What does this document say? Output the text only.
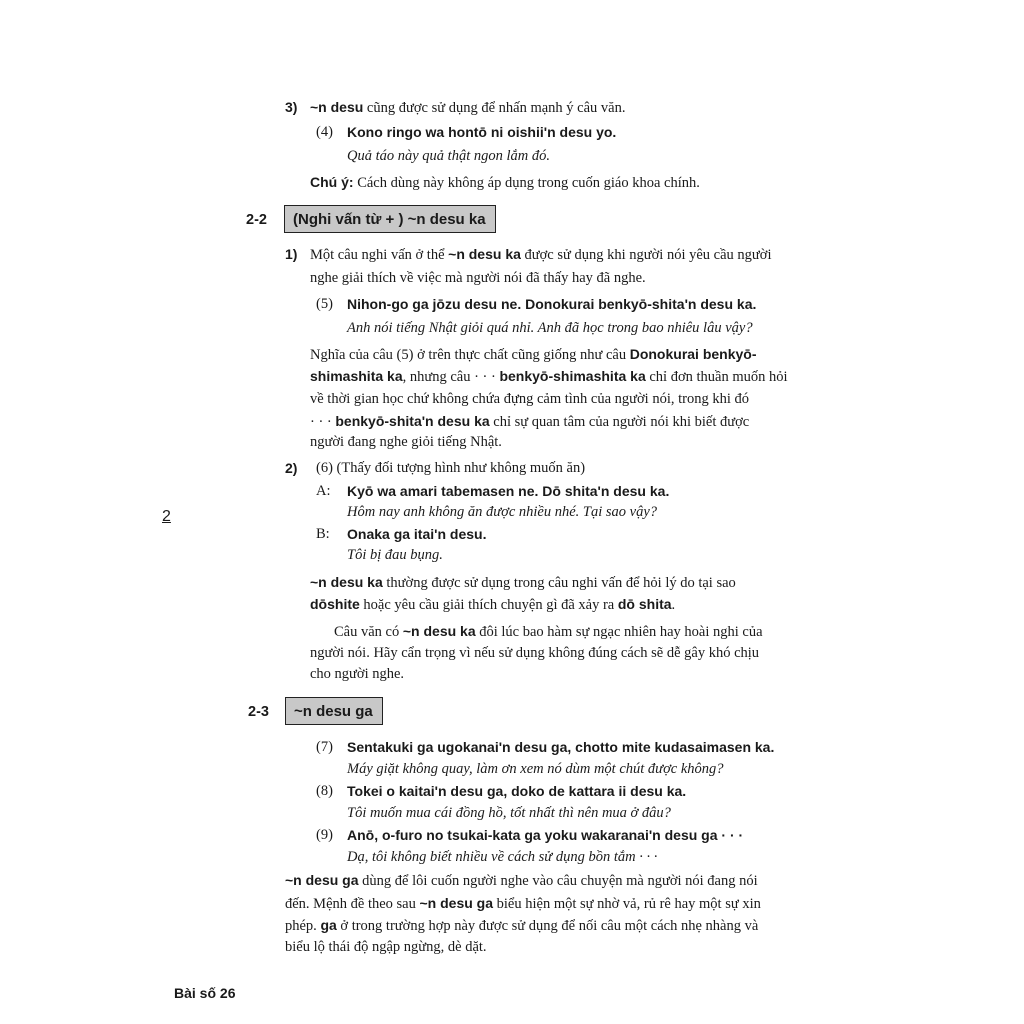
3) ~n desu cũng được sử dụng để nhấn mạnh ý câu văn.
(4) Kono ringo wa hontō ni oishii'n desu yo.
Quả táo này quả thật ngon lắm đó.
Chú ý: Cách dùng này không áp dụng trong cuốn giáo khoa chính.
2-2	(Nghi vấn từ + ) ~n desu ka
1) Một câu nghi vấn ở thể ~n desu ka được sử dụng khi người nói yêu cầu người
nghe giải thích về việc mà người nói đã thấy hay đã nghe.
(5) Nihon-go ga jōzu desu ne. Donokurai benkyō-shita'n desu ka.
Anh nói tiếng Nhật giỏi quá nhỉ. Anh đã học trong bao nhiêu lâu vậy?
Nghĩa của câu (5) ở trên thực chất cũng giống như câu Donokurai benkyō-
shimashita ka, nhưng câu · · · benkyō-shimashita ka chỉ đơn thuần muốn hỏi
về thời gian học chứ không chứa đựng cảm tình của người nói, trong khi đó
· · · benkyō-shita'n desu ka chỉ sự quan tâm của người nói khi biết được
người đang nghe giỏi tiếng Nhật.
2) (6) (Thấy đối tượng hình như không muốn ăn)
A: Kyō wa amari tabemasen ne. Dō shita'n desu ka.
Hôm nay anh không ăn được nhiều nhé. Tại sao vậy?
B: Onaka ga itai'n desu.
Tôi bị đau bụng.
2
~n desu ka thường được sử dụng trong câu nghi vấn để hỏi lý do tại sao
dōshite hoặc yêu cầu giải thích chuyện gì đã xảy ra dō shita.
Câu văn có ~n desu ka đôi lúc bao hàm sự ngạc nhiên hay hoài nghi của
người nói. Hãy cẩn trọng vì nếu sử dụng không đúng cách sẽ dễ gây khó chịu
cho người nghe.
2-3	~n desu ga
(7) Sentakuki ga ugokanai'n desu ga, chotto mite kudasaimasen ka.
Máy giặt không quay, làm ơn xem nó dùm một chút được không?
(8) Tokei o kaitai'n desu ga, doko de kattara ii desu ka.
Tôi muốn mua cái đồng hồ, tốt nhất thì nên mua ở đâu?
(9) Anō, o-furo no tsukai-kata ga yoku wakaranai'n desu ga · · ·
Dạ, tôi không biết nhiều về cách sử dụng bồn tắm · · ·
~n desu ga dùng để lôi cuốn người nghe vào câu chuyện mà người nói đang nói
đến. Mệnh đề theo sau ~n desu ga biểu hiện một sự nhờ vả, rủ rê hay một sự xin
phép. ga ở trong trường hợp này được sử dụng để nối câu một cách nhẹ nhàng và
biểu lộ thái độ ngập ngừng, dè dặt.
Bài số 26
